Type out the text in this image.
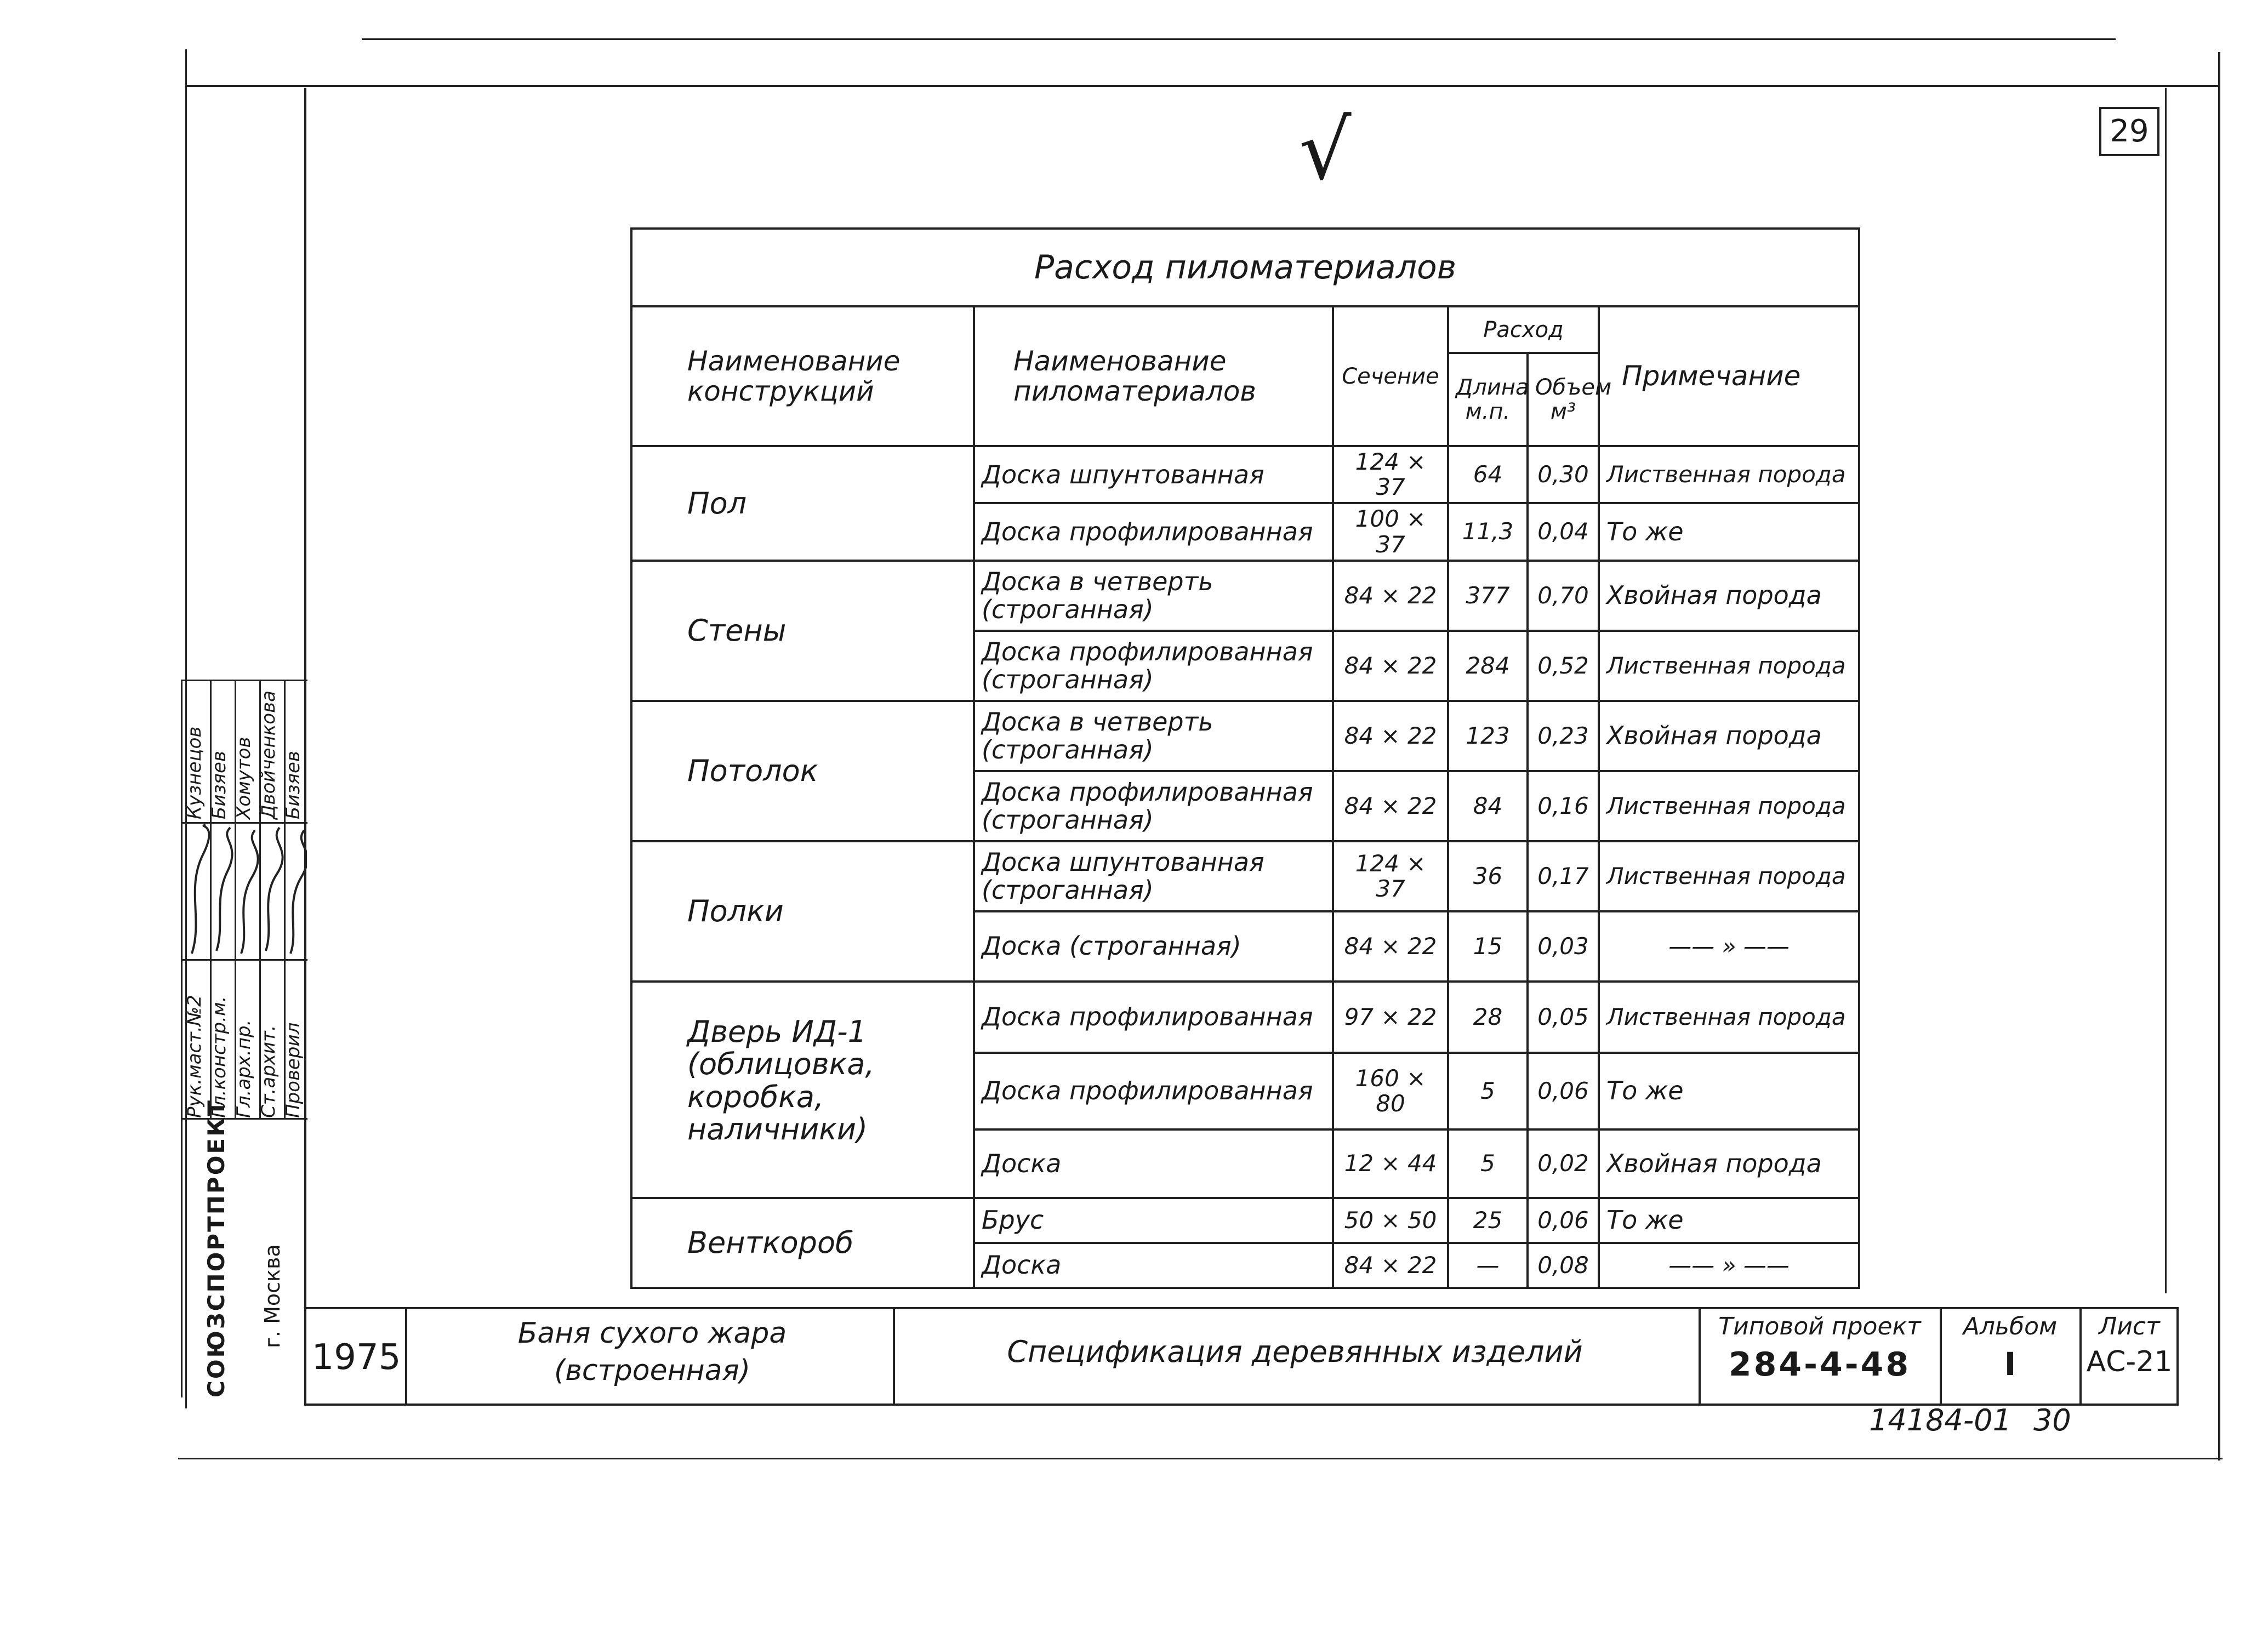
29
√
Расход пиломатериалов					
Наименование конструкций	Наименование пиломатериалов	Сечение	Расход		Примечание
			Длина м.п.	Объем м³	
Пол	Доска шпунтованная	124 × 37	64	0,30	Лиственная порода
	Доска профилированная	100 × 37	11,3	0,04	То же
Стены	Доска в четверть (строганная)	84 × 22	377	0,70	Хвойная порода
	Доска профилированная (строганная)	84 × 22	284	0,52	Лиственная порода
Потолок	Доска в четверть (строганная)	84 × 22	123	0,23	Хвойная порода
	Доска профилированная (строганная)	84 × 22	84	0,16	Лиственная порода
Полки	Доска шпунтованная (строганная)	124 × 37	36	0,17	Лиственная порода
	Доска (строганная)	84 × 22	15	0,03	—— » ——
Дверь ИД-1 (облицовка, коробка, наличники)	Доска профилированная	97 × 22	28	0,05	Лиственная порода
	Доска профилированная	160 × 80	5	0,06	То же
	Доска	12 × 44	5	0,02	Хвойная порода
Венткороб	Брус	50 × 50	25	0,06	То же
	Доска	84 × 22	—	0,08	—— » ——
Рук.маст.№2 Гл.констр.м. Гл.арх.пр. Ст.архит. Проверил
Кузнецов Бизяев Хомутов Двойченкова Бизяев
СОЮЗСПОРТПРОЕКТ г. Москва
1975
Баня сухого жара (встроенная)
Спецификация деревянных изделий
Типовой проект
284-4-48
Альбом
I
Лист
АС-21
14184-01 30
